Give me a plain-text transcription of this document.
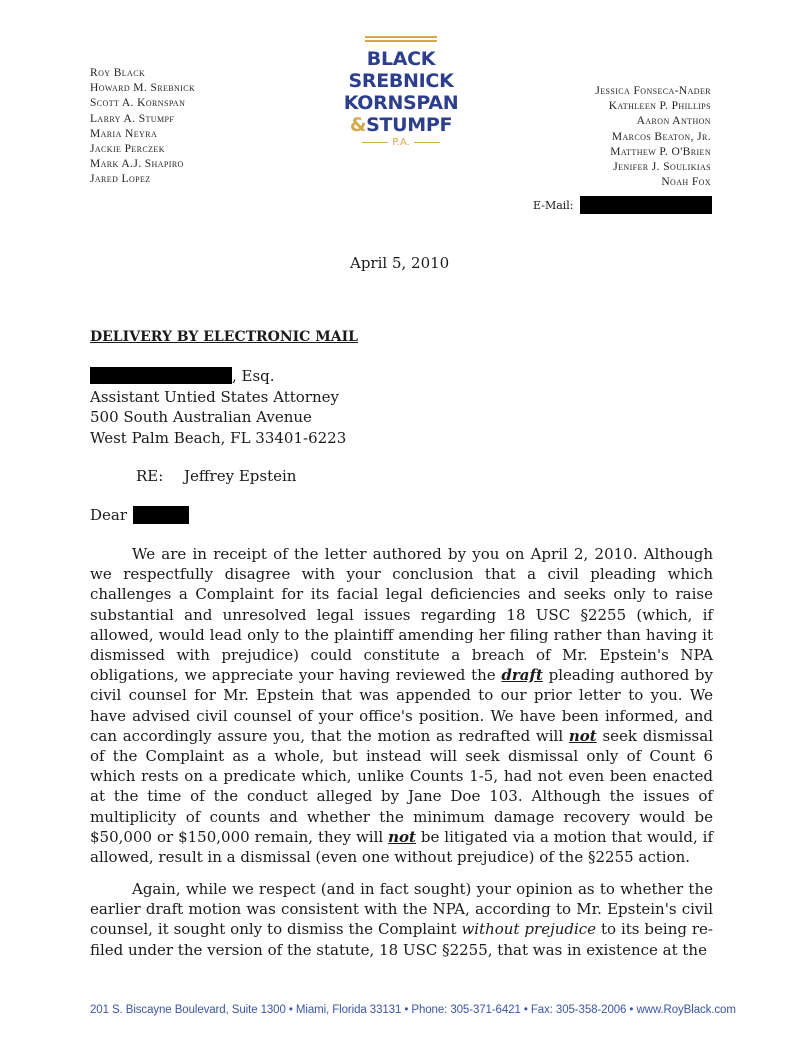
Roy Black
Howard M. Srebnick
Scott A. Kornspan
Larry A. Stumpf
Maria Neyra
Jackie Perczek
Mark A.J. Shapiro
Jared Lopez
BLACK
SREBNICK
KORNSPAN
&STUMPF
P.A.
Jessica Fonseca-Nader
Kathleen P. Phillips
Aaron Anthon
Marcos Beaton, Jr.
Matthew P. O'Brien
Jenifer J. Soulikias
Noah Fox
E-Mail:
April 5, 2010
DELIVERY BY ELECTRONIC MAIL
, Esq.
Assistant Untied States Attorney
500 South Australian Avenue
West Palm Beach, FL 33401-6223
RE: Jeffrey Epstein
Dear
We are in receipt of the letter authored by you on April 2, 2010. Although we respectfully disagree with your conclusion that a civil pleading which challenges a Complaint for its facial legal deficiencies and seeks only to raise substantial and unresolved legal issues regarding 18 USC §2255 (which, if allowed, would lead only to the plaintiff amending her filing rather than having it dismissed with prejudice) could constitute a breach of Mr. Epstein's NPA obligations, we appreciate your having reviewed the draft pleading authored by civil counsel for Mr. Epstein that was appended to our prior letter to you. We have advised civil counsel of your office's position. We have been informed, and can accordingly assure you, that the motion as redrafted will not seek dismissal of the Complaint as a whole, but instead will seek dismissal only of Count 6 which rests on a predicate which, unlike Counts 1-5, had not even been enacted at the time of the conduct alleged by Jane Doe 103. Although the issues of multiplicity of counts and whether the minimum damage recovery would be $50,000 or $150,000 remain, they will not be litigated via a motion that would, if allowed, result in a dismissal (even one without prejudice) of the §2255 action.
Again, while we respect (and in fact sought) your opinion as to whether the earlier draft motion was consistent with the NPA, according to Mr. Epstein's civil counsel, it sought only to dismiss the Complaint without prejudice to its being re-filed under the version of the statute, 18 USC §2255, that was in existence at the
201 S. Biscayne Boulevard, Suite 1300 • Miami, Florida 33131 • Phone: 305-371-6421 • Fax: 305-358-2006 • www.RoyBlack.com
